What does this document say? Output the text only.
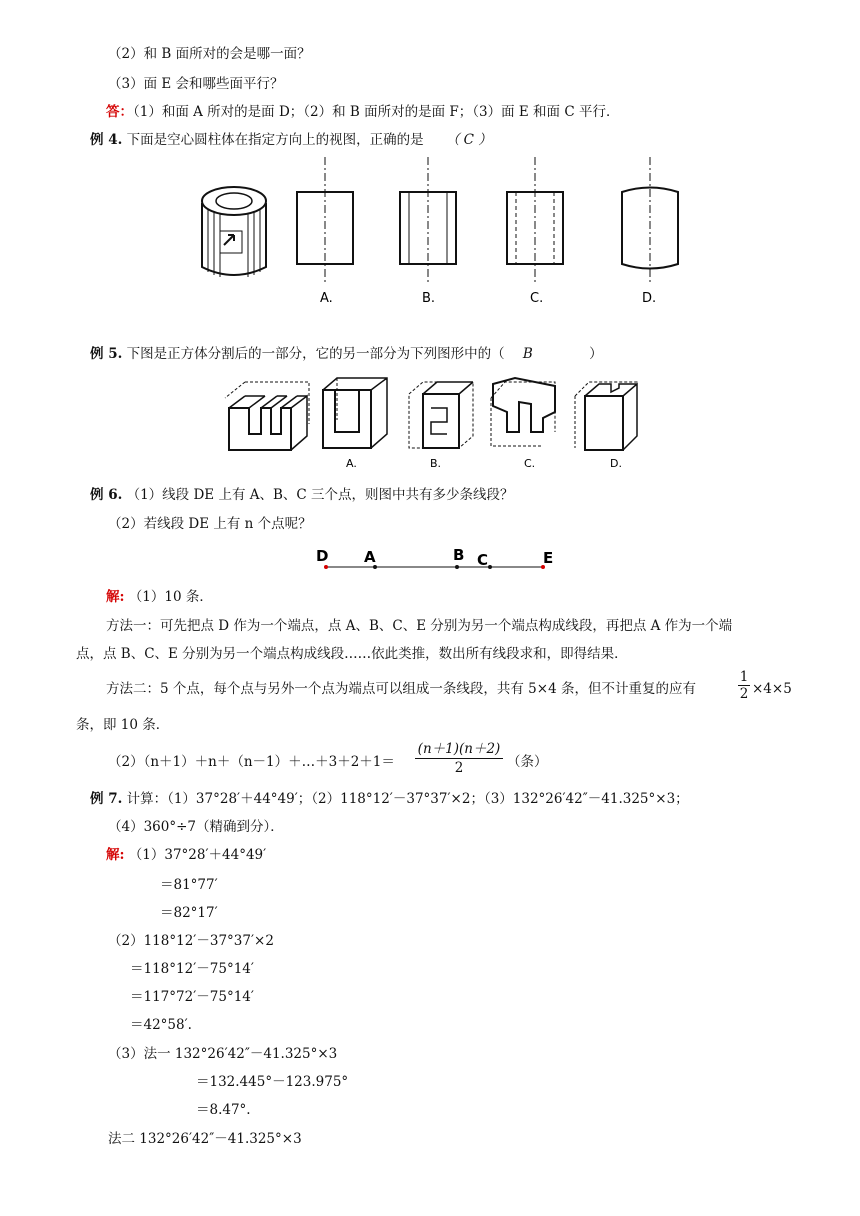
（2）和 B 面所对的会是哪一面？
（3）面 E 会和哪些面平行？
答：（1）和面 A 所对的是面 D；（2）和 B 面所对的是面 F；（3）面 E 和面 C 平行．
例 4. 下面是空心圆柱体在指定方向上的视图，正确的是 （ C ）
A.	B.	C.	D.
例 5. 下图是正方体分割后的一部分，它的另一部分为下列图形中的（ B	）
A.	B.	C.	D.
例 6. （1）线段 DE 上有 A、B、C 三个点，则图中共有多少条线段？
（2）若线段 DE 上有 n 个点呢？
D A	B C	E
解: （1）10 条．
方法一：可先把点 D 作为一个端点，点 A、B、C、E 分别为另一个端点构成线段，再把点 A 作为一个端
点，点 B、C、E 分别为另一个端点构成线段……依此类推，数出所有线段求和，即得结果．
方法二：5 个点，每个点与另外一个点为端点可以组成一条线段，共有 5×4 条，但不计重复的应有	$\frac{1}{2} \times 4\times 5$
条，即 10 条．
（2）（n＋1）＋n＋（n－1）＋…＋3＋2＋1＝ $\frac{(n+1)(n+2)}{2}$ （条）
例 7. 计算：（1）37°28′＋44°49′；（2）118°12′－37°37′×2；（3）132°26′42″－41.325°×3；
（4）360°÷7（精确到分）．
解: （1）37°28′＋44°49′
＝81°77′
＝82°17′
（2）118°12′－37°37′×2
＝118°12′－75°14′
＝117°72′－75°14′
＝42°58′.
（3）法一 132°26′42″－41.325°×3
＝132.445°－123.975°
＝8.47°.
法二 132°26′42″－41.325°×3
